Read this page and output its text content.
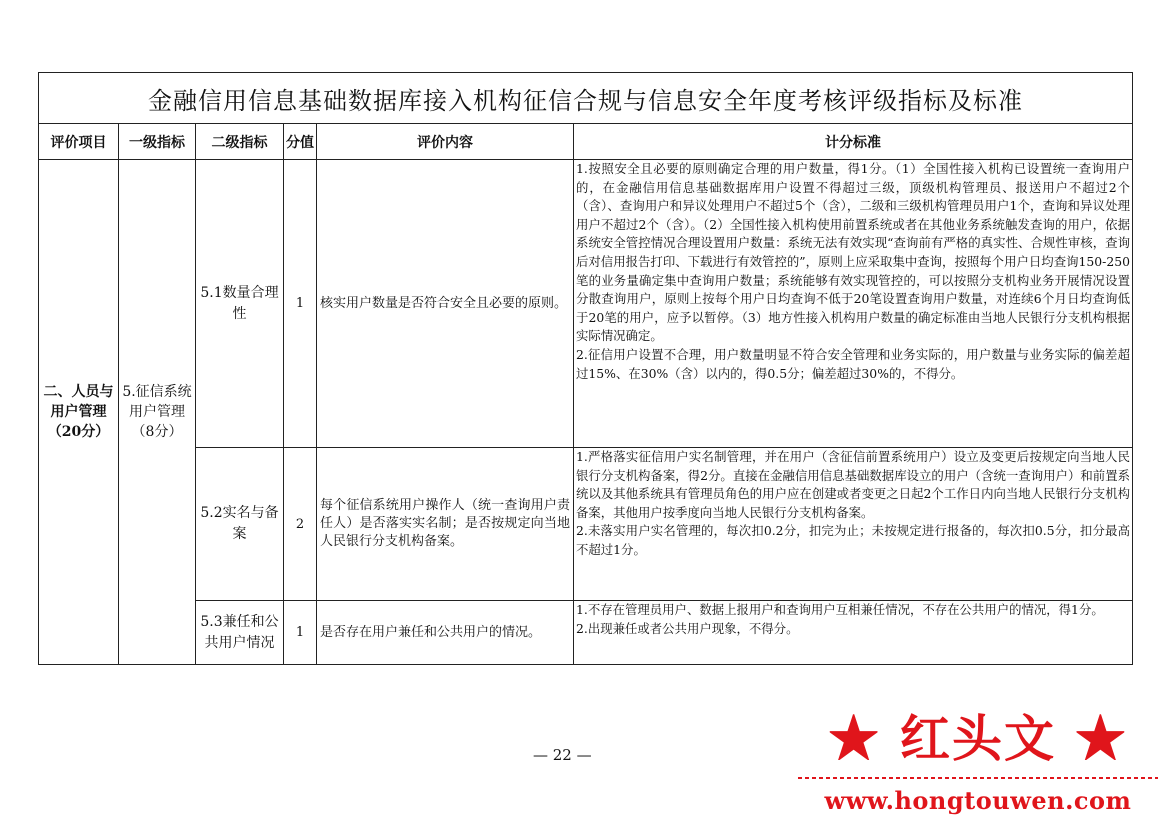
金融信用信息基础数据库接入机构征信合规与信息安全年度考核评级指标及标准					
评价项目	一级指标	二级指标	分值	评价内容	计分标准
二、人员与用户管理（20分）	5.征信系统用户管理（8分）	5.1数量合理性	1	核实用户数量是否符合安全且必要的原则。	1.按照安全且必要的原则确定合理的用户数量，得1分。（1）全国性接入机构已设置统一查询用户的，在金融信用信息基础数据库用户设置不得超过三级，顶级机构管理员、报送用户不超过2个（含）、查询用户和异议处理用户不超过5个（含），二级和三级机构管理员用户1个，查询和异议处理用户不超过2个（含）。（2）全国性接入机构使用前置系统或者在其他业务系统触发查询的用户，依据系统安全管控情况合理设置用户数量：系统无法有效实现“查询前有严格的真实性、合规性审核，查询后对信用报告打印、下载进行有效管控的”，原则上应采取集中查询，按照每个用户日均查询150-250笔的业务量确定集中查询用户数量；系统能够有效实现管控的，可以按照分支机构业务开展情况设置分散查询用户，原则上按每个用户日均查询不低于20笔设置查询用户数量，对连续6个月日均查询低于20笔的用户，应予以暂停。（3）地方性接入机构用户数量的确定标准由当地人民银行分支机构根据实际情况确定。

2.征信用户设置不合理，用户数量明显不符合安全管理和业务实际的，用户数量与业务实际的偏差超过15%、在30%（含）以内的，得0.5分；偏差超过30%的，不得分。

		5.2实名与备案	2	每个征信系统用户操作人（统一查询用户责任人）是否落实实名制；是否按规定向当地人民银行分支机构备案。	1.严格落实征信用户实名制管理，并在用户（含征信前置系统用户）设立及变更后按规定向当地人民银行分支机构备案，得2分。直接在金融信用信息基础数据库设立的用户（含统一查询用户）和前置系统以及其他系统具有管理员角色的用户应在创建或者变更之日起2个工作日内向当地人民银行分支机构备案，其他用户按季度向当地人民银行分支机构备案。

2.未落实用户实名管理的，每次扣0.2分，扣完为止；未按规定进行报备的，每次扣0.5分，扣分最高不超过1分。

		5.3兼任和公共用户情况	1	是否存在用户兼任和公共用户的情况。	1.不存在管理员用户、数据上报用户和查询用户互相兼任情况，不存在公共用户的情况，得1分。

2.出现兼任或者公共用户现象，不得分。

— 22 —	★ 红头文 ★
www.hongtouwen.com
